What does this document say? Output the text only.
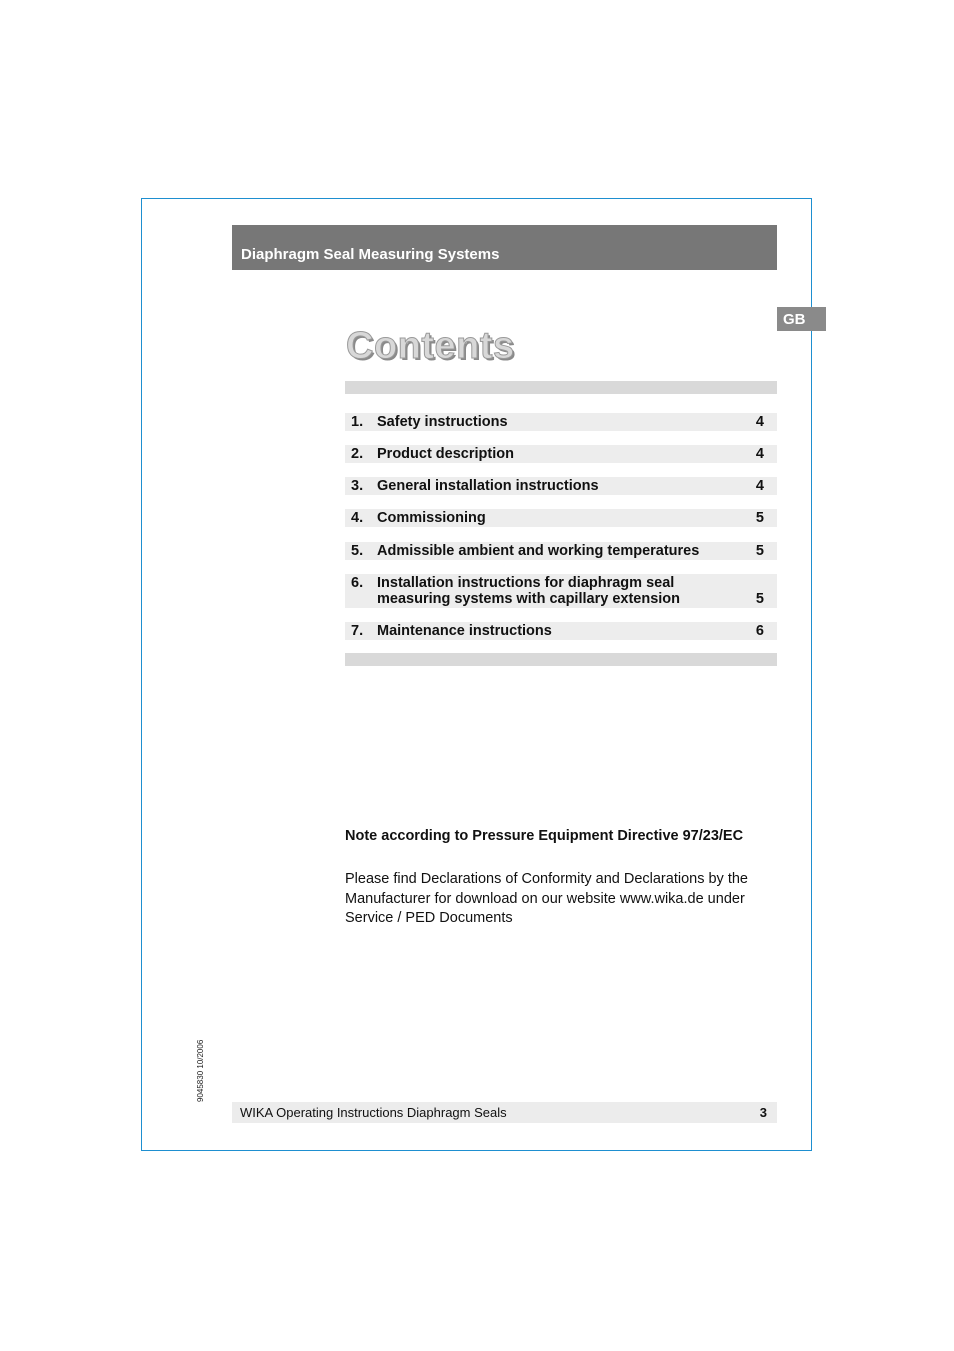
Diaphragm Seal Measuring Systems
GB
Contents
1. Safety instructions	4
2. Product description	4
3. General installation instructions	4
4. Commissioning	5
5. Admissible ambient and working temperatures	5
6. Installation instructions for diaphragm seal measuring systems with capillary extension	5
7. Maintenance instructions	6
Note according to Pressure Equipment Directive 97/23/EC
Please find Declarations of Conformity and Declarations by the Manufacturer for download on our website www.wika.de under Service / PED Documents
9045830 10/2006
WIKA Operating Instructions Diaphragm Seals	3
